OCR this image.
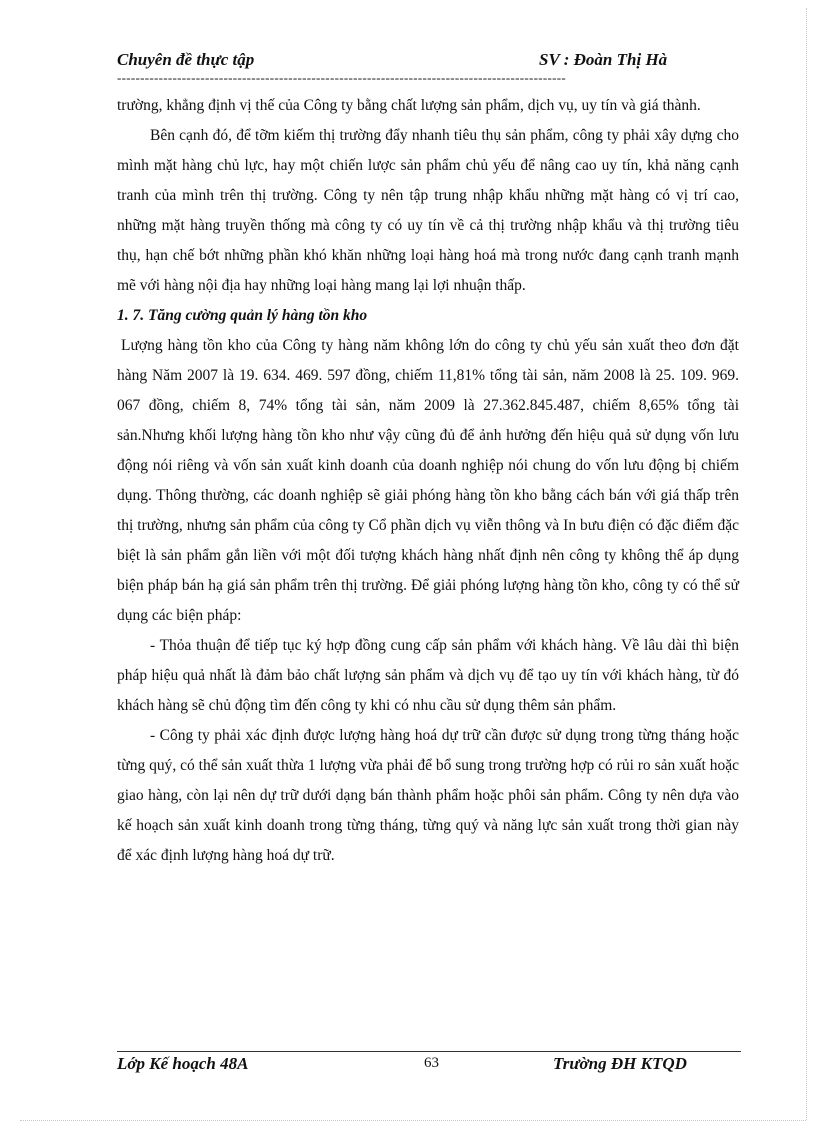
Chuyên đề thực tập	SV : Đoàn Thị Hà
-------------------------------------------------------------------------------------------------

trường, khẳng định vị thế của Công ty bằng chất lượng sản phẩm, dịch vụ, uy tín và giá thành.

Bên cạnh đó, để tỡm kiếm thị trường đẩy nhanh tiêu thụ sản phẩm, công ty phải xây dựng cho mình mặt hàng chủ lực, hay một chiến lược sản phẩm chủ yếu để nâng cao uy tín, khả năng cạnh tranh của mình trên thị trường. Công ty nên tập trung nhập khẩu những mặt hàng có vị trí cao, những mặt hàng truyền thống mà công ty có uy tín về cả thị trường nhập khẩu và thị trường tiêu thụ, hạn chế bớt những phần khó khăn những loại hàng hoá mà trong nước đang cạnh tranh mạnh mẽ với hàng nội địa hay những loại hàng mang lại lợi nhuận thấp.

1. 7. Tăng cường quản lý hàng tồn kho

Lượng hàng tồn kho của Công ty hàng năm không lớn do công ty chủ yếu sản xuất theo đơn đặt hàng Năm 2007 là 19. 634. 469. 597 đồng, chiếm 11,81% tổng tài sản, năm 2008 là 25. 109. 969. 067 đồng, chiếm 8, 74% tổng tài sản, năm 2009 là 27.362.845.487, chiếm 8,65% tổng tài sản.Nhưng khối lượng hàng tồn kho như vậy cũng đủ để ảnh hưởng đến hiệu quả sử dụng vốn lưu động nói riêng và vốn sản xuất kinh doanh của doanh nghiệp nói chung do vốn lưu động bị chiếm dụng. Thông thường, các doanh nghiệp sẽ giải phóng hàng tồn kho bằng cách bán với giá thấp trên thị trường, nhưng sản phẩm của công ty Cổ phần dịch vụ viễn thông và In bưu điện có đặc điểm đặc biệt là sản phẩm gắn liền với một đối tượng khách hàng nhất định nên công ty không thể áp dụng biện pháp bán hạ giá sản phẩm trên thị trường. Để giải phóng lượng hàng tồn kho, công ty có thể sử dụng các biện pháp:

- Thỏa thuận để tiếp tục ký hợp đồng cung cấp sản phẩm với khách hàng. Về lâu dài thì biện pháp hiệu quả nhất là đảm bảo chất lượng sản phẩm và dịch vụ để tạo uy tín với khách hàng, từ đó khách hàng sẽ chủ động tìm đến công ty khi có nhu cầu sử dụng thêm sản phẩm.

- Công ty phải xác định được lượng hàng hoá dự trữ cần được sử dụng trong từng tháng hoặc từng quý, có thể sản xuất thừa 1 lượng vừa phải để bổ sung trong trường hợp có rủi ro sản xuất hoặc giao hàng, còn lại nên dự trữ dưới dạng bán thành phẩm hoặc phôi sản phẩm. Công ty nên dựa vào kế hoạch sản xuất kinh doanh trong từng tháng, từng quý và năng lực sản xuất trong thời gian này để xác định lượng hàng hoá dự trữ.

Lớp Kế hoạch 48A	63	Trường ĐH KTQD
